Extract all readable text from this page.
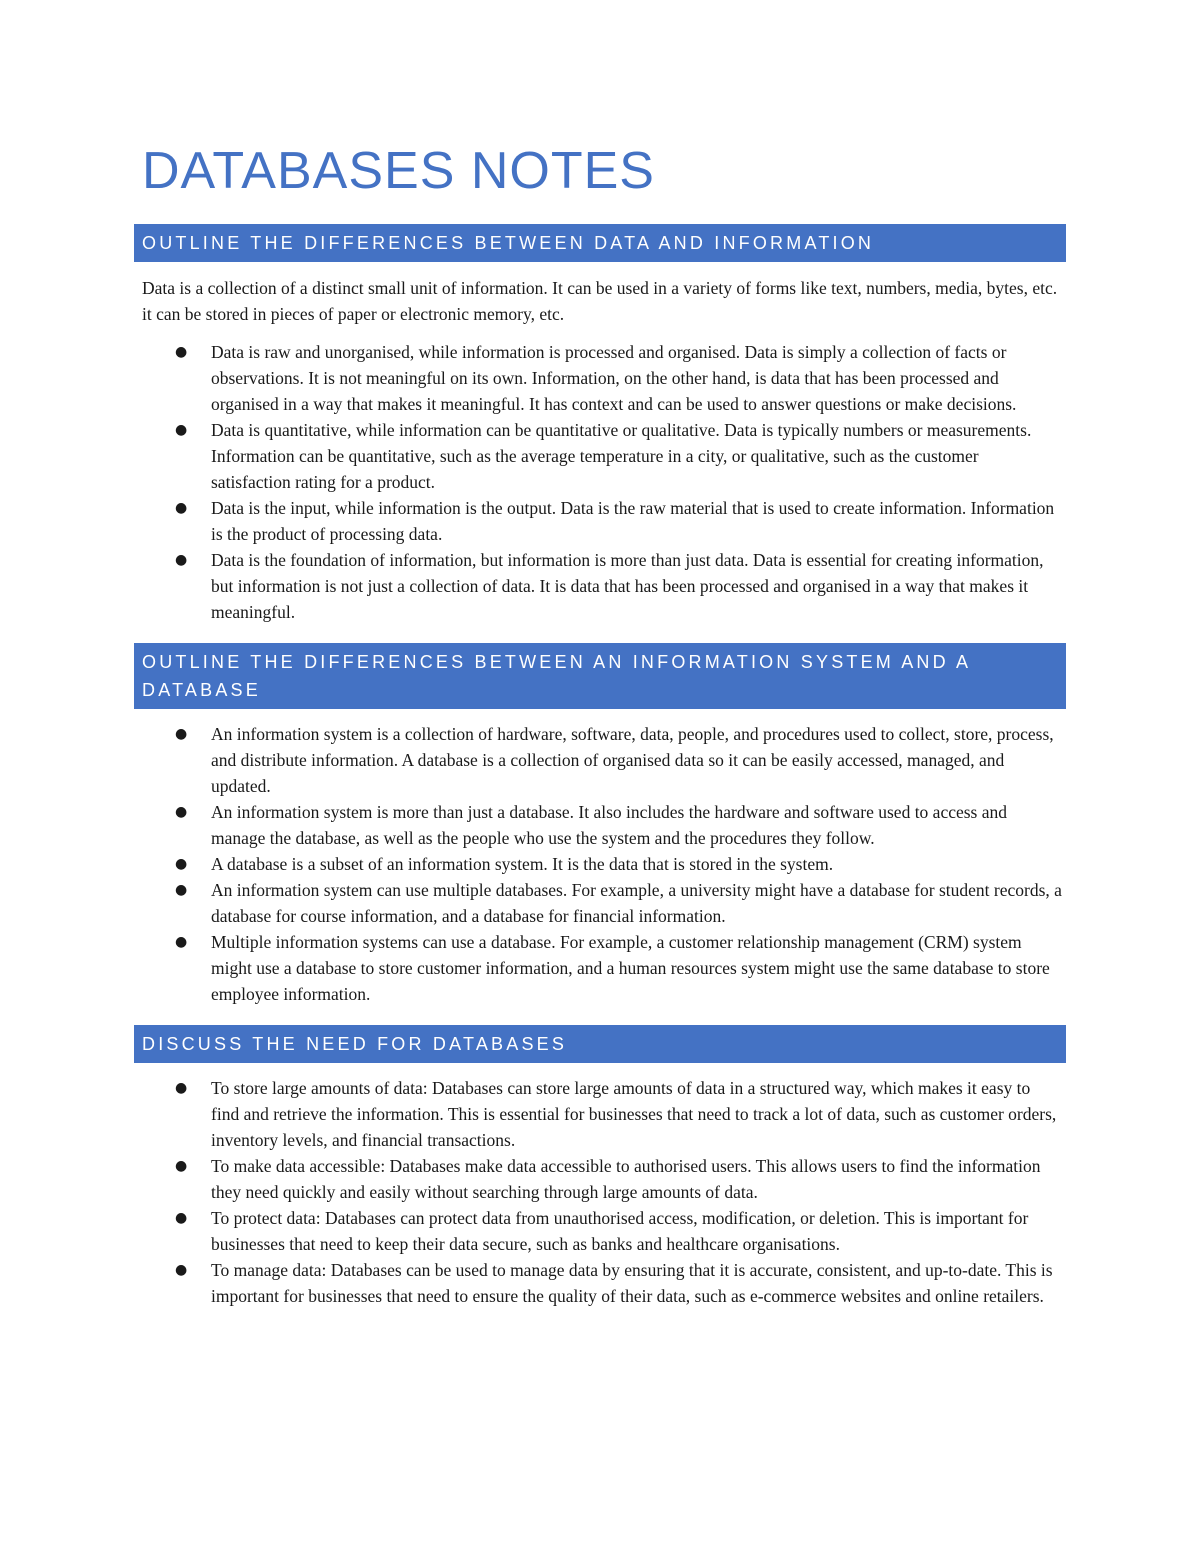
DATABASES NOTES
OUTLINE THE DIFFERENCES BETWEEN DATA AND INFORMATION

Data is a collection of a distinct small unit of information. It can be used in a variety of forms like text, numbers, media, bytes, etc. it can be stored in pieces of paper or electronic memory, etc.

● Data is raw and unorganised, while information is processed and organised. Data is simply a collection of facts or observations. It is not meaningful on its own. Information, on the other hand, is data that has been processed and organised in a way that makes it meaningful. It has context and can be used to answer questions or make decisions.
● Data is quantitative, while information can be quantitative or qualitative. Data is typically numbers or measurements. Information can be quantitative, such as the average temperature in a city, or qualitative, such as the customer satisfaction rating for a product.
● Data is the input, while information is the output. Data is the raw material that is used to create information. Information is the product of processing data.
● Data is the foundation of information, but information is more than just data. Data is essential for creating information, but information is not just a collection of data. It is data that has been processed and organised in a way that makes it meaningful.
OUTLINE THE DIFFERENCES BETWEEN AN INFORMATION SYSTEM AND A DATABASE
● An information system is a collection of hardware, software, data, people, and procedures used to collect, store, process, and distribute information. A database is a collection of organised data so it can be easily accessed, managed, and updated.
● An information system is more than just a database. It also includes the hardware and software used to access and manage the database, as well as the people who use the system and the procedures they follow.
● A database is a subset of an information system. It is the data that is stored in the system.
● An information system can use multiple databases. For example, a university might have a database for student records, a database for course information, and a database for financial information.
● Multiple information systems can use a database. For example, a customer relationship management (CRM) system might use a database to store customer information, and a human resources system might use the same database to store employee information.
DISCUSS THE NEED FOR DATABASES
● To store large amounts of data: Databases can store large amounts of data in a structured way, which makes it easy to find and retrieve the information. This is essential for businesses that need to track a lot of data, such as customer orders, inventory levels, and financial transactions.
● To make data accessible: Databases make data accessible to authorised users. This allows users to find the information they need quickly and easily without searching through large amounts of data.
● To protect data: Databases can protect data from unauthorised access, modification, or deletion. This is important for businesses that need to keep their data secure, such as banks and healthcare organisations.
● To manage data: Databases can be used to manage data by ensuring that it is accurate, consistent, and up-to-date. This is important for businesses that need to ensure the quality of their data, such as e-commerce websites and online retailers.
